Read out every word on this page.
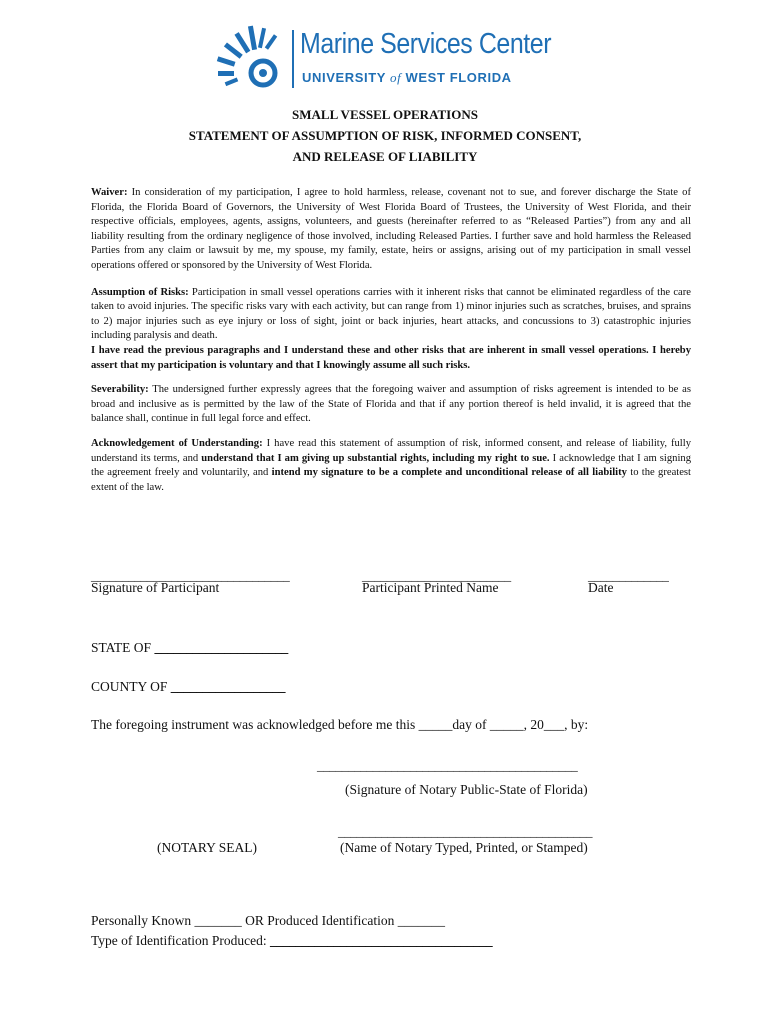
Marine Services Center
UNIVERSITY of WEST FLORIDA
SMALL VESSEL OPERATIONS
STATEMENT OF ASSUMPTION OF RISK, INFORMED CONSENT,
AND RELEASE OF LIABILITY

Waiver: In consideration of my participation, I agree to hold harmless, release, covenant not to sue, and forever discharge the State of Florida, the Florida Board of Governors, the University of West Florida Board of Trustees, the University of West Florida, and their respective officials, employees, agents, assigns, volunteers, and guests (hereinafter referred to as “Released Parties”) from any and all liability resulting from the ordinary negligence of those involved, including Released Parties. I further save and hold harmless the Released Parties from any claim or lawsuit by me, my spouse, my family, estate, heirs or assigns, arising out of my participation in small vessel operations offered or sponsored by the University of West Florida.

Assumption of Risks: Participation in small vessel operations carries with it inherent risks that cannot be eliminated regardless of the care taken to avoid injuries. The specific risks vary with each activity, but can range from 1) minor injuries such as scratches, bruises, and sprains to 2) major injuries such as eye injury or loss of sight, joint or back injuries, heart attacks, and concussions to 3) catastrophic injuries including paralysis and death.
I have read the previous paragraphs and I understand these and other risks that are inherent in small vessel operations. I hereby assert that my participation is voluntary and that I knowingly assume all such risks.

Severability: The undersigned further expressly agrees that the foregoing waiver and assumption of risks agreement is intended to be as broad and inclusive as is permitted by the law of the State of Florida and that if any portion thereof is held invalid, it is agreed that the balance shall, continue in full legal force and effect.

Acknowledgement of Understanding: I have read this statement of assumption of risk, informed consent, and release of liability, fully understand its terms, and understand that I am giving up substantial rights, including my right to sue. I acknowledge that I am signing the agreement freely and voluntarily, and intend my signature to be a complete and unconditional release of all liability to the greatest extent of the law.

________________________________
Signature of Participant
________________________
Participant Printed Name
_____________
Date
STATE OF _____________________
COUNTY OF __________________
The foregoing instrument was acknowledged before me this _____day of _____, 20___, by:
__________________________________________
(Signature of Notary Public-State of Florida)
(NOTARY SEAL)
_________________________________________
(Name of Notary Typed, Printed, or Stamped)
Personally Known _______ OR Produced Identification _______
Type of Identification Produced: ___________________________________
